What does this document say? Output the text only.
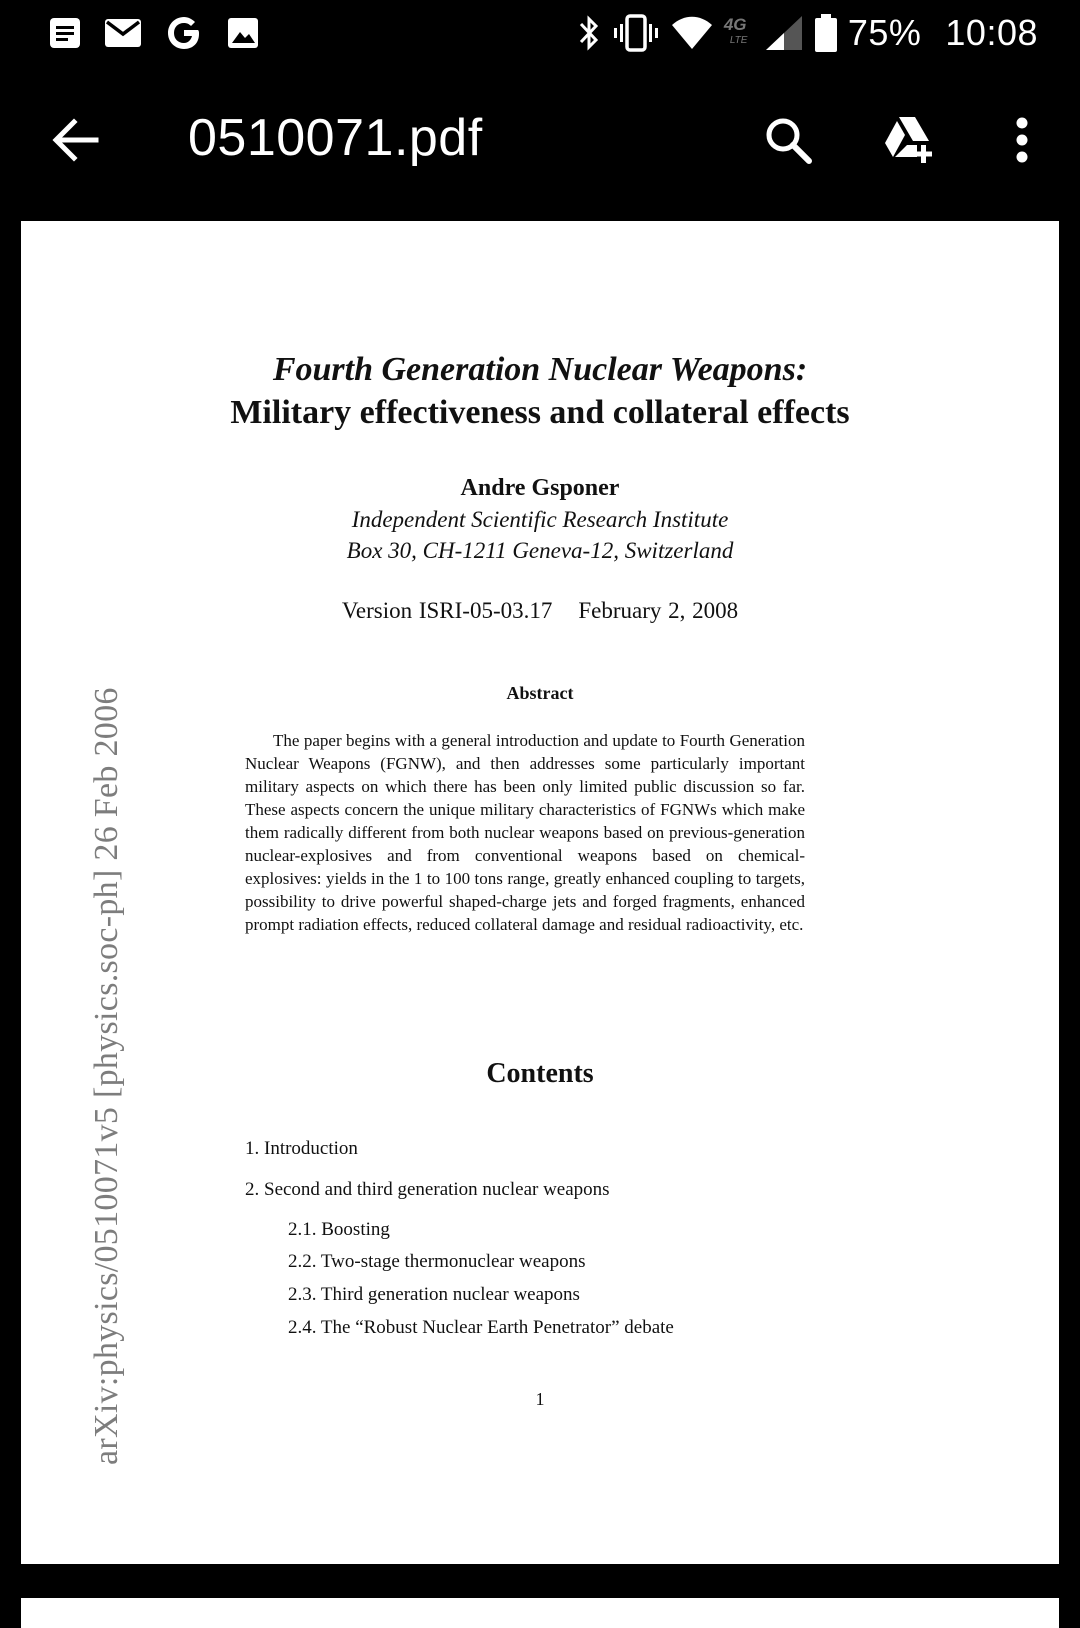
4G
LTE	75% 10:08
0510071.pdf
arXiv:physics/0510071v5 [physics.soc-ph] 26 Feb 2006
Fourth Generation Nuclear Weapons:
Military effectiveness and collateral effects
Andre Gsponer
Independent Scientific Research Institute
Box 30, CH-1211 Geneva-12, Switzerland
Version ISRI-05-03.17 February 2, 2008
Abstract
The paper begins with a general introduction and update to Fourth Generation Nuclear Weapons (FGNW), and then addresses some particularly important military aspects on which there has been only limited public discussion so far. These aspects concern the unique military characteristics of FGNWs which make them radically different from both nuclear weapons based on previous-generation nuclear-explosives and from conventional weapons based on chemical-explosives: yields in the 1 to 100 tons range, greatly enhanced coupling to targets, possibility to drive powerful shaped-charge jets and forged fragments, enhanced prompt radiation effects, reduced collateral damage and residual radioactivity, etc.
Contents
1. Introduction
2. Second and third generation nuclear weapons
2.1. Boosting
2.2. Two-stage thermonuclear weapons
2.3. Third generation nuclear weapons
2.4. The “Robust Nuclear Earth Penetrator” debate
1
